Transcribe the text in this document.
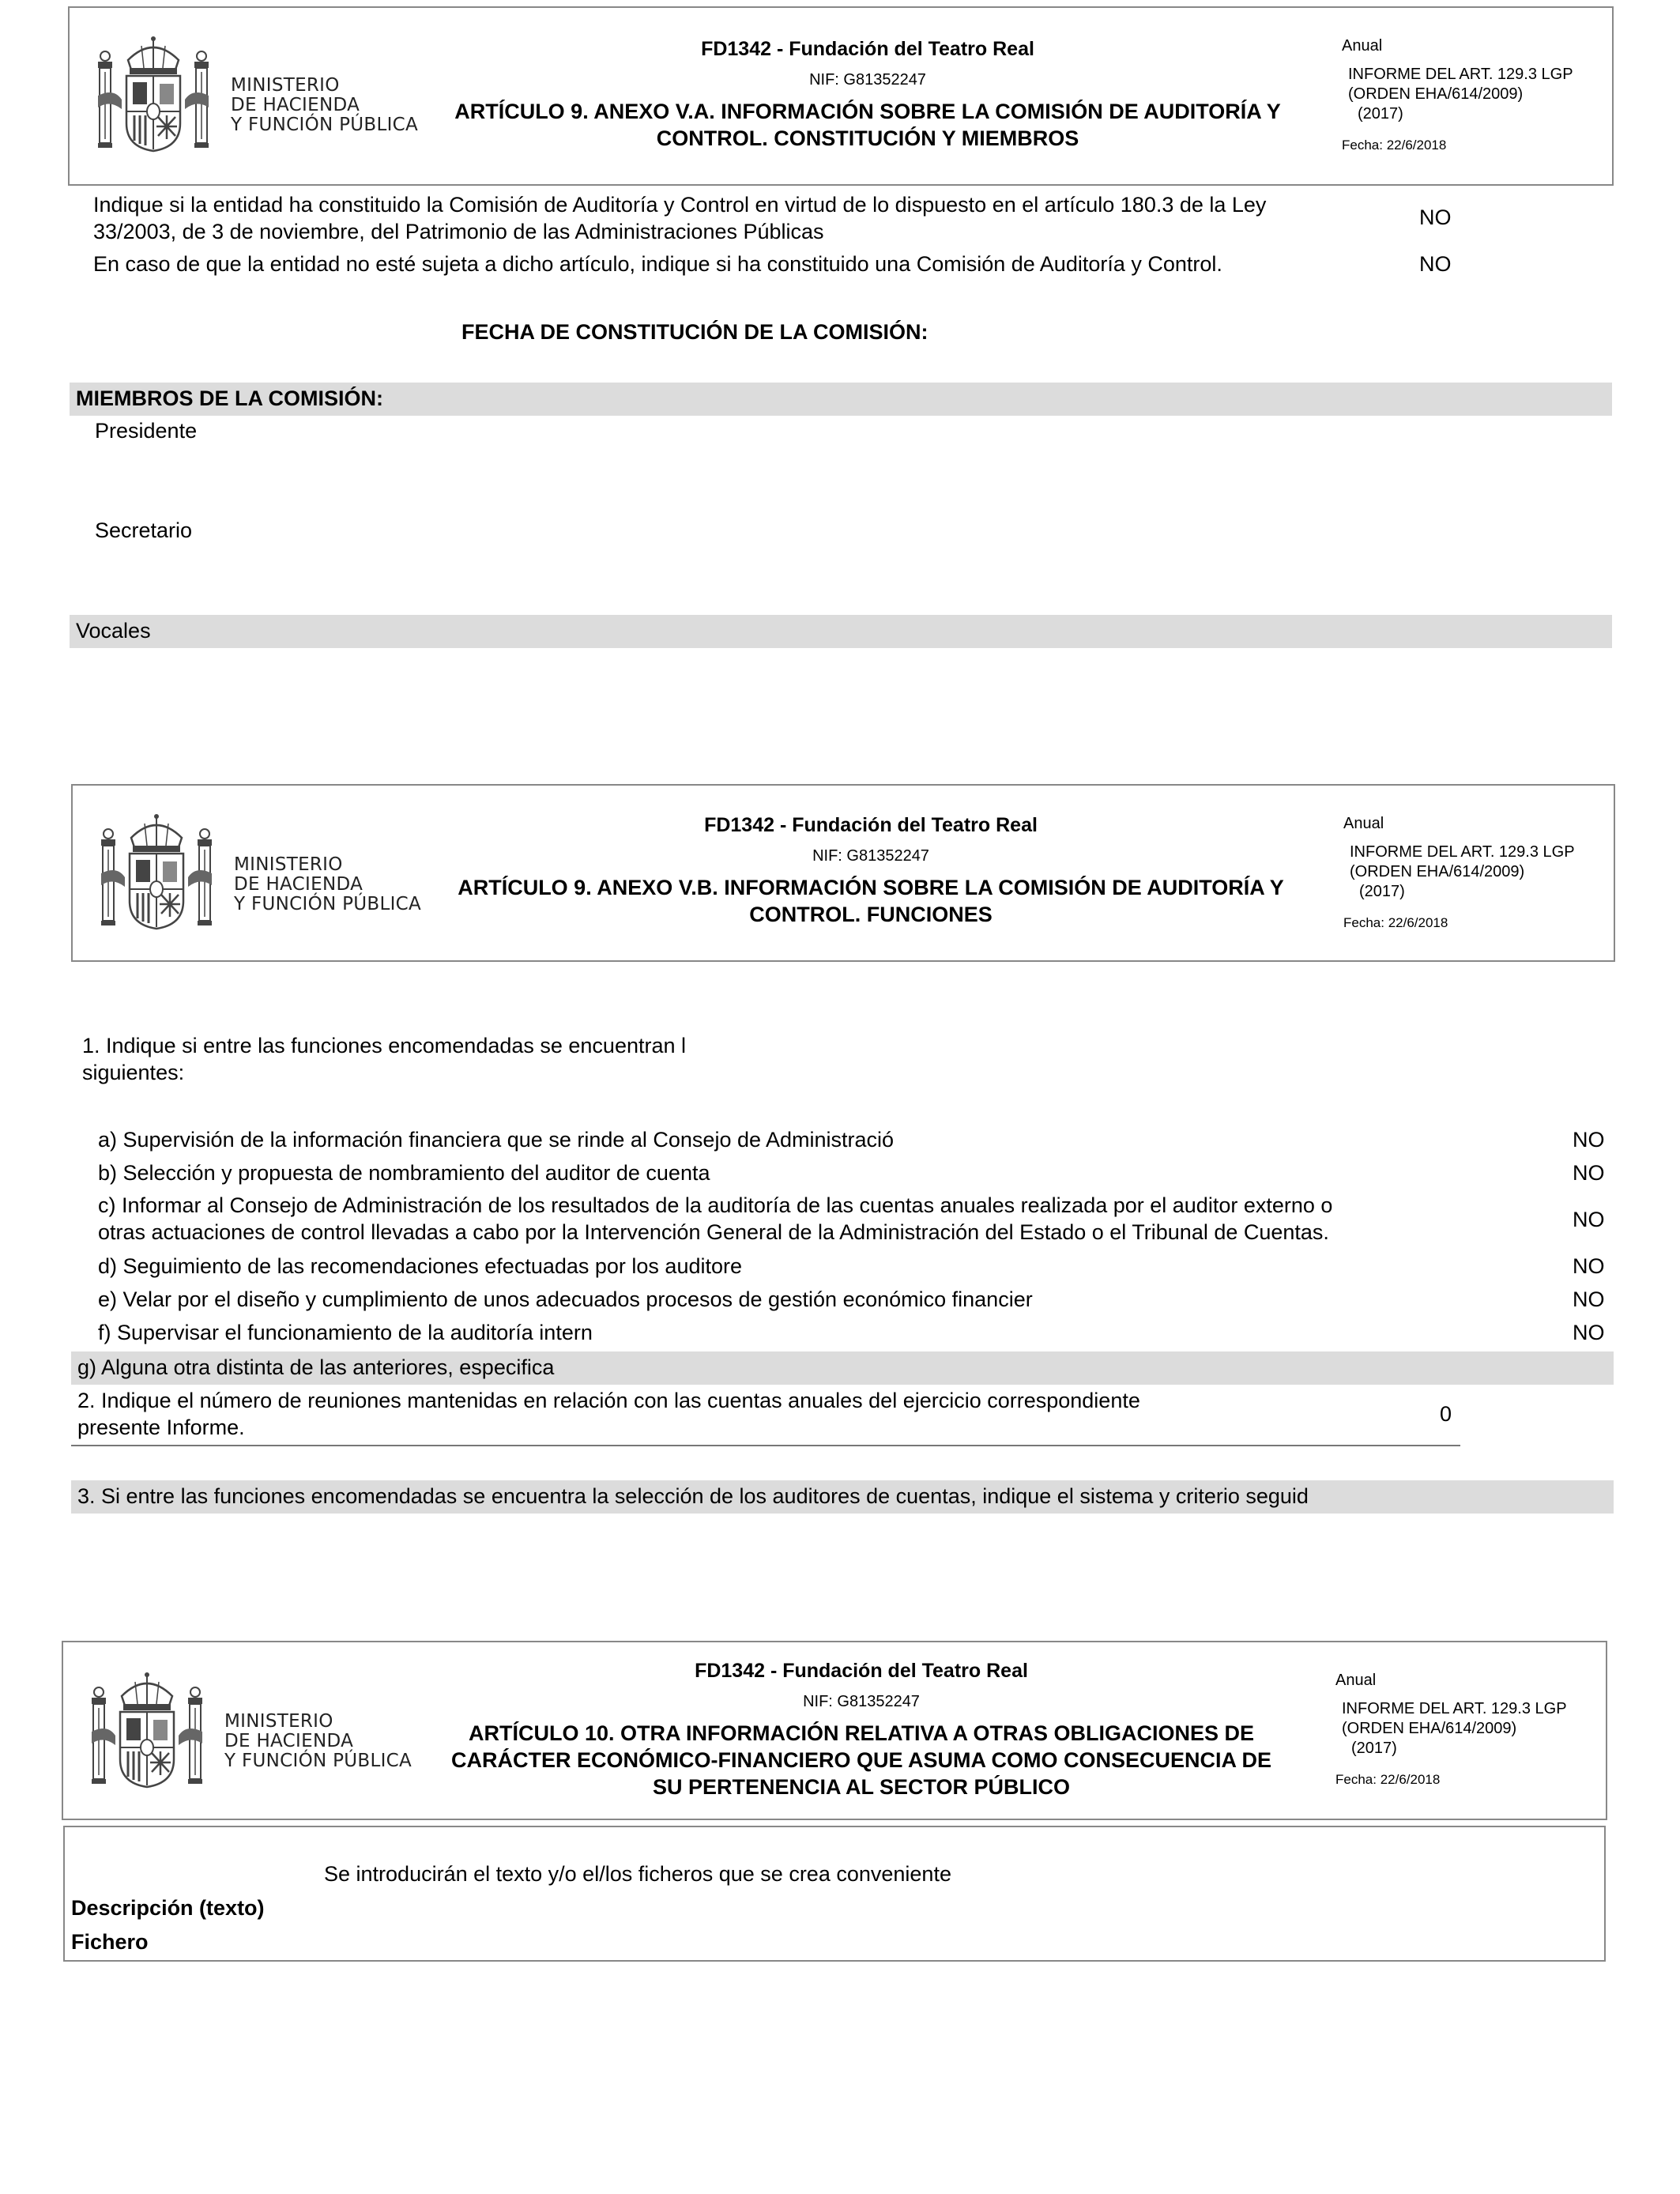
MINISTERIO
DE HACIENDA
Y FUNCIÓN PÚBLICA
FD1342 - Fundación del Teatro Real
NIF: G81352247
ARTÍCULO 9. ANEXO V.A. INFORMACIÓN SOBRE LA COMISIÓN DE AUDITORÍA Y
CONTROL. CONSTITUCIÓN Y MIEMBROS
Anual
INFORME DEL ART. 129.3 LGP
(ORDEN EHA/614/2009)
(2017)
Fecha: 22/6/2018
Indique si la entidad ha constituido la Comisión de Auditoría y Control en virtud de lo dispuesto en el artículo 180.3 de la Ley
33/2003, de 3 de noviembre, del Patrimonio de las Administraciones Públicas
NO
En caso de que la entidad no esté sujeta a dicho artículo, indique si ha constituido una Comisión de Auditoría y Control.	NO
FECHA DE CONSTITUCIÓN DE LA COMISIÓN:
MIEMBROS DE LA COMISIÓN:
Presidente
Secretario
Vocales
MINISTERIO
DE HACIENDA
Y FUNCIÓN PÚBLICA
FD1342 - Fundación del Teatro Real
NIF: G81352247
ARTÍCULO 9. ANEXO V.B. INFORMACIÓN SOBRE LA COMISIÓN DE AUDITORÍA Y
CONTROL. FUNCIONES
Anual
INFORME DEL ART. 129.3 LGP
(ORDEN EHA/614/2009)
(2017)
Fecha: 22/6/2018
1. Indique si entre las funciones encomendadas se encuentran l
siguientes:
a) Supervisión de la información financiera que se rinde al Consejo de Administració	NO
b) Selección y propuesta de nombramiento del auditor de cuenta	NO
c) Informar al Consejo de Administración de los resultados de la auditoría de las cuentas anuales realizada por el auditor externo o
otras actuaciones de control llevadas a cabo por la Intervención General de la Administración del Estado o el Tribunal de Cuentas.
NO
d) Seguimiento de las recomendaciones efectuadas por los auditore	NO
e) Velar por el diseño y cumplimiento de unos adecuados procesos de gestión económico financier	NO
f) Supervisar el funcionamiento de la auditoría intern	NO
g) Alguna otra distinta de las anteriores, especifica
2. Indique el número de reuniones mantenidas en relación con las cuentas anuales del ejercicio correspondiente
presente Informe.
0
3. Si entre las funciones encomendadas se encuentra la selección de los auditores de cuentas, indique el sistema y criterio seguid
MINISTERIO
DE HACIENDA
Y FUNCIÓN PÚBLICA
FD1342 - Fundación del Teatro Real
NIF: G81352247
ARTÍCULO 10. OTRA INFORMACIÓN RELATIVA A OTRAS OBLIGACIONES DE
CARÁCTER ECONÓMICO-FINANCIERO QUE ASUMA COMO CONSECUENCIA DE
SU PERTENENCIA AL SECTOR PÚBLICO
Anual
INFORME DEL ART. 129.3 LGP
(ORDEN EHA/614/2009)
(2017)
Fecha: 22/6/2018
Se introducirán el texto y/o el/los ficheros que se crea conveniente
Descripción (texto)
Fichero
